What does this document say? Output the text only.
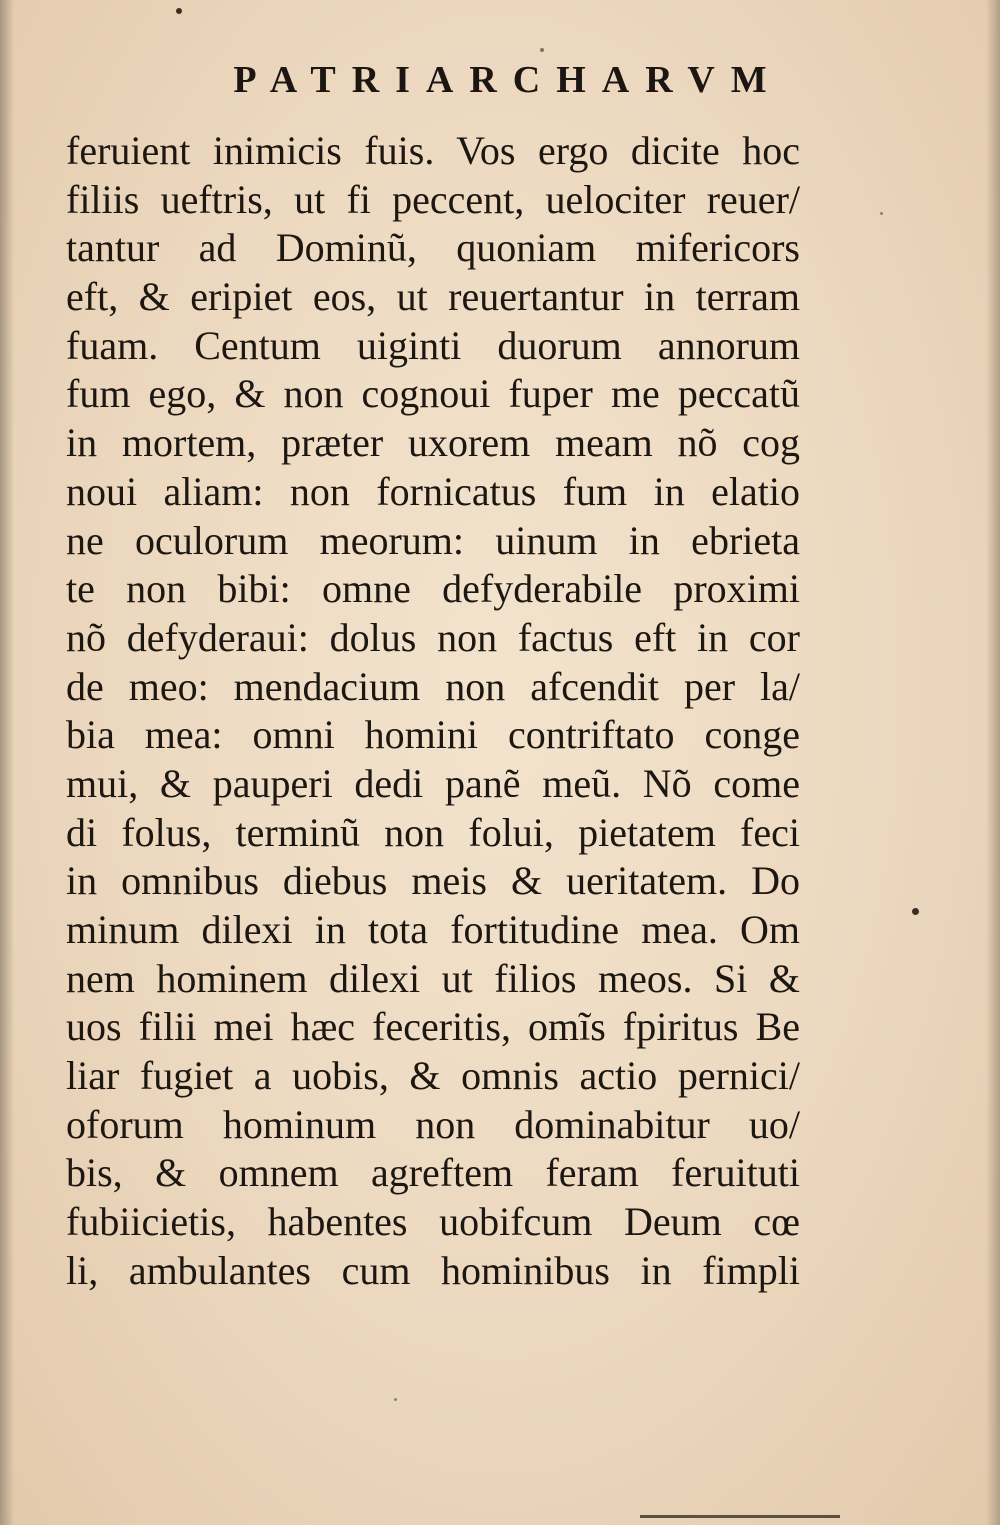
PATRIARCHARVM
feruient inimicis fuis. Vos ergo dicite hoc
filiis ueftris, ut fi peccent, uelociter reuer/
tantur ad Dominũ, quoniam mifericors
eft, & eripiet eos, ut reuertantur in terram
fuam. Centum uiginti duorum annorum
fum ego, & non cognoui fuper me peccatũ
in mortem, præter uxorem meam nõ cog
noui aliam: non fornicatus fum in elatio
ne oculorum meorum: uinum in ebrieta
te non bibi: omne defyderabile proximi
nõ defyderaui: dolus non factus eft in cor
de meo: mendacium non afcendit per la/
bia mea: omni homini contriftato conge
mui, & pauperi dedi panẽ meũ. Nõ come
di folus, terminũ non folui, pietatem feci
in omnibus diebus meis & ueritatem. Do
minum dilexi in tota fortitudine mea. Om
nem hominem dilexi ut filios meos. Si &
uos filii mei hæc feceritis, omĩs fpiritus Be
liar fugiet a uobis, & omnis actio pernici/
oforum hominum non dominabitur uo/
bis, & omnem agreftem feram feruituti
fubiicietis, habentes uobifcum Deum cœ
li, ambulantes cum hominibus in fimpli
